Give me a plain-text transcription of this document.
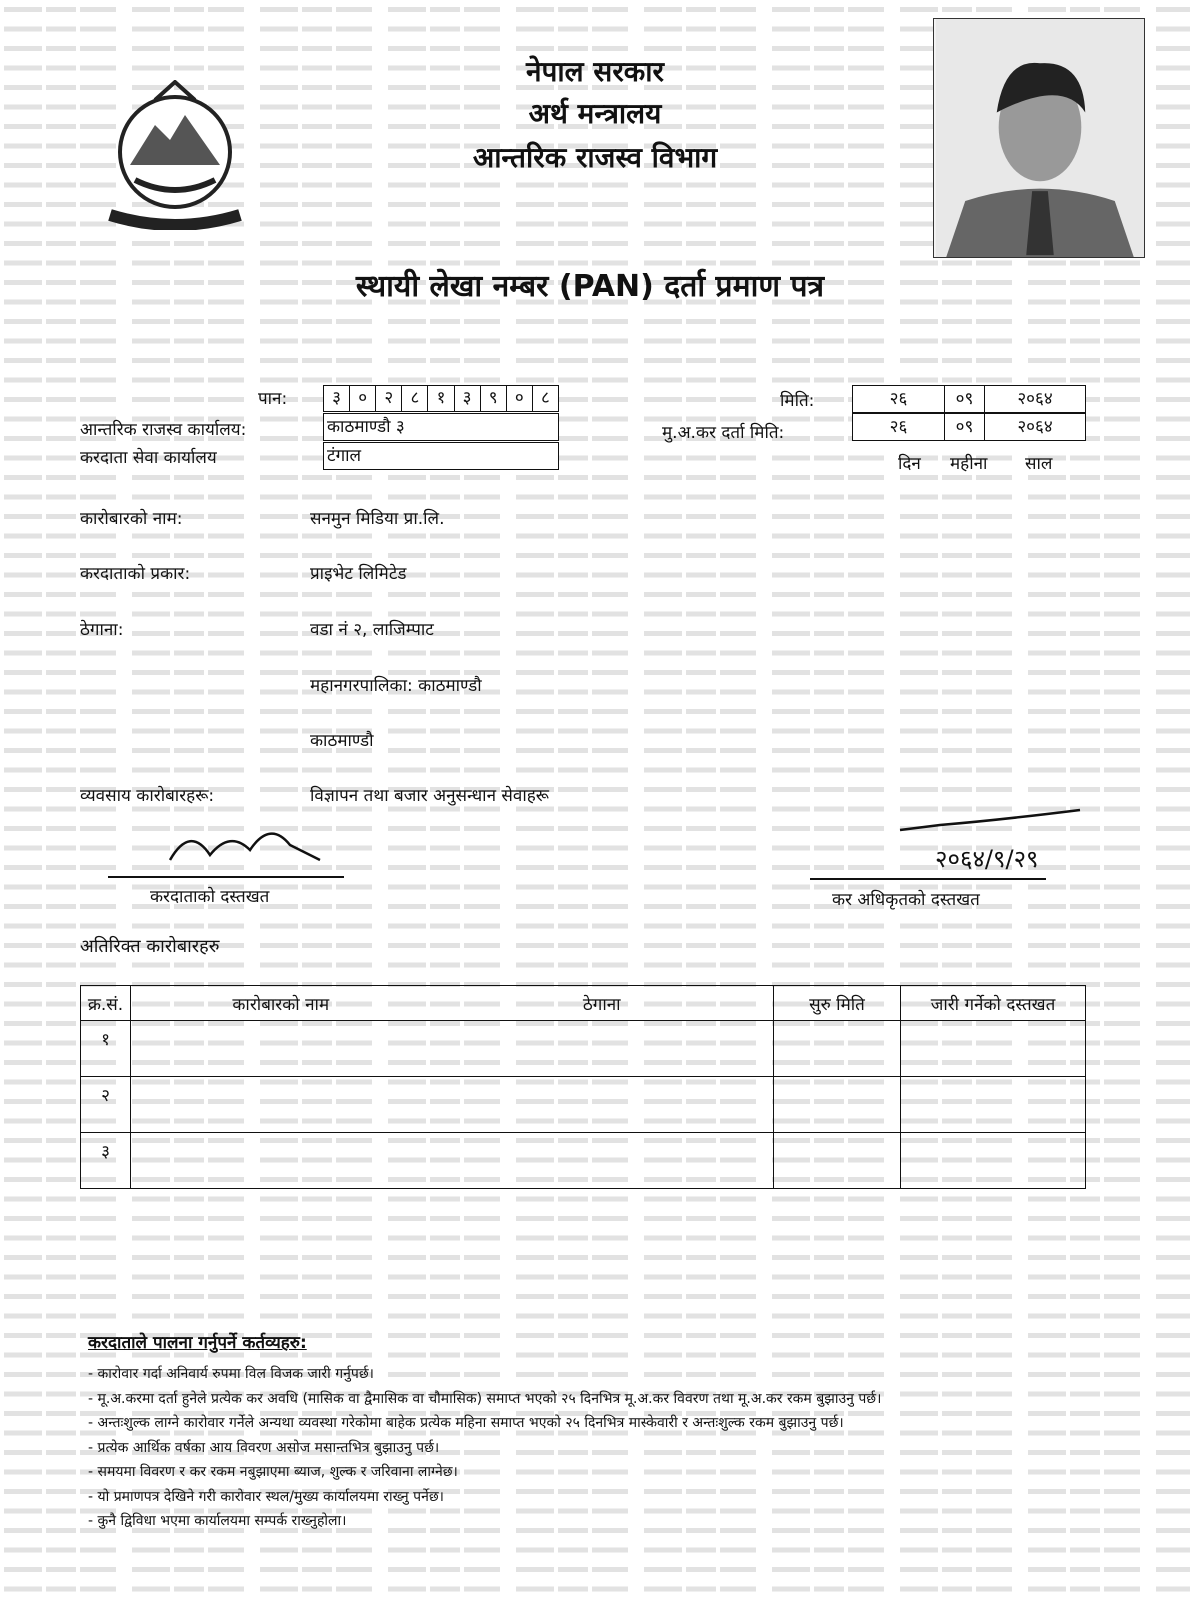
नेपाल सरकार
अर्थ मन्त्रालय
आन्तरिक राजस्व विभाग
स्थायी लेखा नम्बर (PAN) दर्ता प्रमाण पत्र
पान:	३	०	२	८	१	३	९	०	८
आन्तरिक राजस्व कार्यालय:	काठमाण्डौ ३
करदाता सेवा कार्यालय	टंगाल
मिति:	२६	०९	२०६४
मु.अ.कर दर्ता मिति:	२६	०९	२०६४
दिन महीना साल
कारोबारको नाम:	सनमुन मिडिया प्रा.लि.
करदाताको प्रकार:	प्राइभेट लिमिटेड
ठेगाना:	वडा नं २, लाजिम्पाट
महानगरपालिका: काठमाण्डौ
काठमाण्डौ
व्यवसाय कारोबारहरू:	विज्ञापन तथा बजार अनुसन्धान सेवाहरू
करदाताको दस्तखत
२०६४/९/२९
कर अधिकृतको दस्तखत
अतिरिक्त कारोबारहरु
क्र.सं.	कारोबारको नाम	ठेगाना	सुरु मिति	जारी गर्नेको दस्तखत
१				
२				
३				
करदाताले पालना गर्नुपर्ने कर्तव्यहरु:
- कारोवार गर्दा अनिवार्य रुपमा विल विजक जारी गर्नुपर्छ।
- मू.अ.करमा दर्ता हुनेले प्रत्येक कर अवधि (मासिक वा द्वैमासिक वा चौमासिक) समाप्त भएको २५ दिनभित्र मू.अ.कर विवरण तथा मू.अ.कर रकम बुझाउनु पर्छ।
- अन्तःशुल्क लाग्ने कारोवार गर्नेले अन्यथा व्यवस्था गरेकोमा बाहेक प्रत्येक महिना समाप्त भएको २५ दिनभित्र मास्केवारी र अन्तःशुल्क रकम बुझाउनु पर्छ।
- प्रत्येक आर्थिक वर्षका आय विवरण असोज मसान्तभित्र बुझाउनु पर्छ।
- समयमा विवरण र कर रकम नबुझाएमा ब्याज, शुल्क र जरिवाना लाग्नेछ।
- यो प्रमाणपत्र देखिने गरी कारोवार स्थल/मुख्य कार्यालयमा राख्नु पर्नेछ।
- कुनै द्विविधा भएमा कार्यालयमा सम्पर्क राख्नुहोला।
